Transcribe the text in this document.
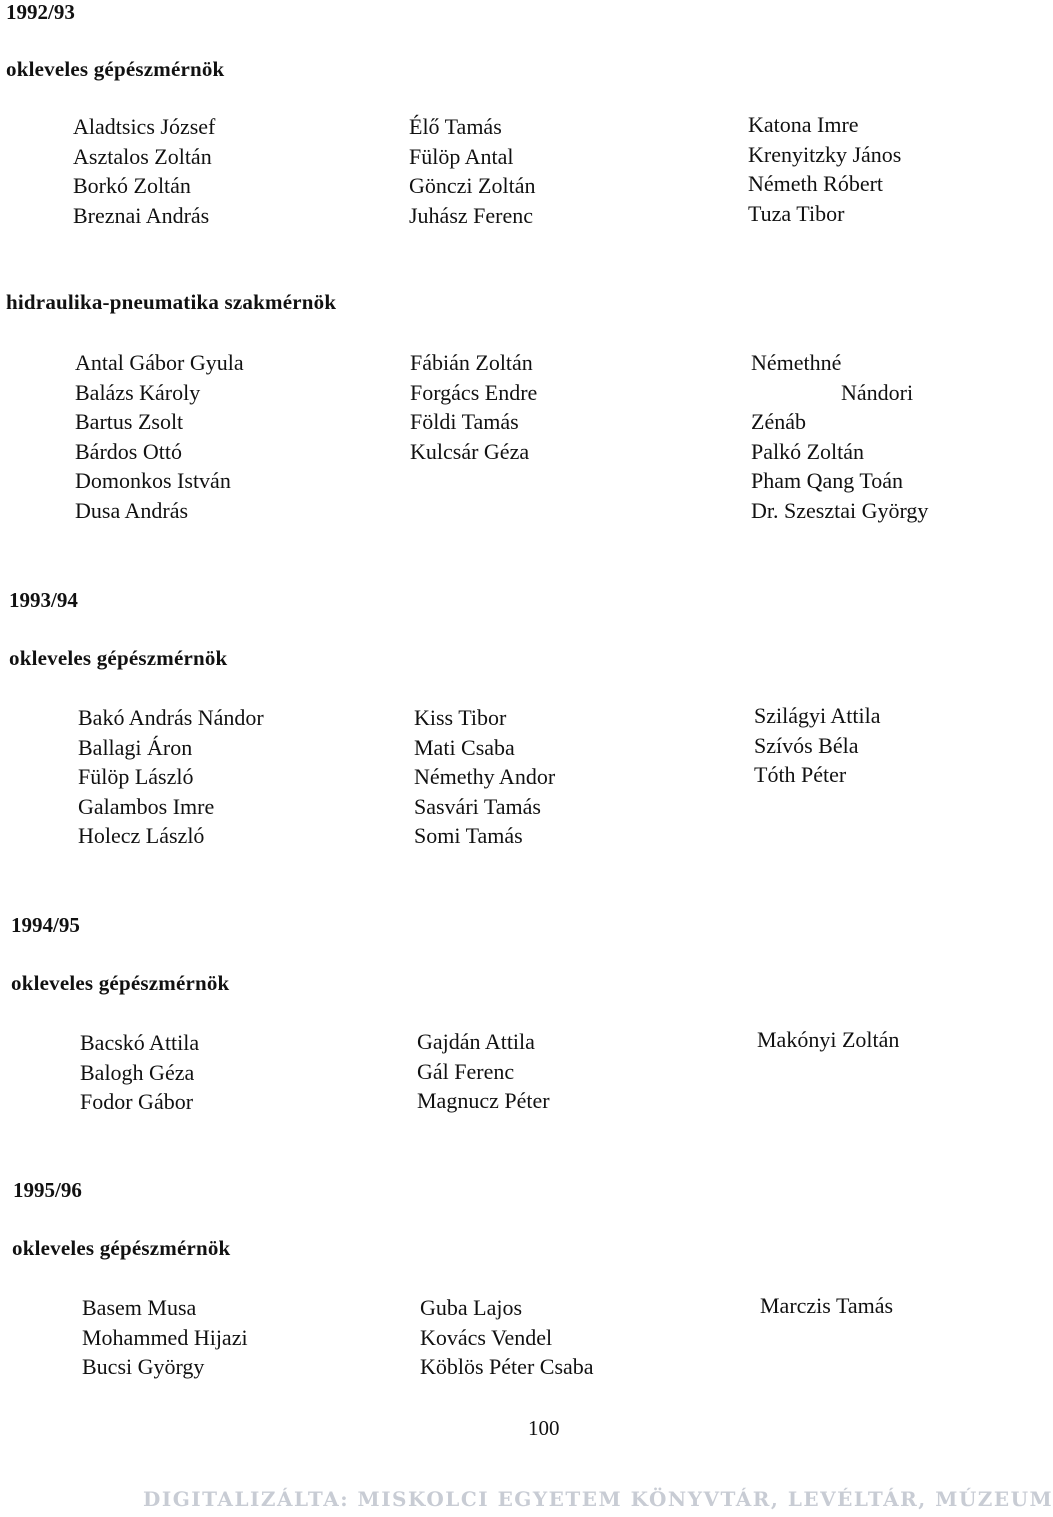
1992/93
okleveles gépészmérnök
Aladtsics József
Asztalos Zoltán
Borkó Zoltán
Breznai András
Élő Tamás
Fülöp Antal
Gönczi Zoltán
Juhász Ferenc
Katona Imre
Krenyitzky János
Németh Róbert
Tuza Tibor
hidraulika-pneumatika szakmérnök
Antal Gábor Gyula
Balázs Károly
Bartus Zsolt
Bárdos Ottó
Domonkos István
Dusa András
Fábián Zoltán
Forgács Endre
Földi Tamás
Kulcsár Géza
Némethné
Nándori
Zénáb
Palkó Zoltán
Pham Qang Toán
Dr. Szesztai György
1993/94
okleveles gépészmérnök
Bakó András Nándor
Ballagi Áron
Fülöp László
Galambos Imre
Holecz László
Kiss Tibor
Mati Csaba
Némethy Andor
Sasvári Tamás
Somi Tamás
Szilágyi Attila
Szívós Béla
Tóth Péter
1994/95
okleveles gépészmérnök
Bacskó Attila
Balogh Géza
Fodor Gábor
Gajdán Attila
Gál Ferenc
Magnucz Péter
Makónyi Zoltán
1995/96
okleveles gépészmérnök
Basem Musa
Mohammed Hijazi
Bucsi György
Guba Lajos
Kovács Vendel
Köblös Péter Csaba
Marczis Tamás
100
DIGITALIZÁLTA: MISKOLCI EGYETEM KÖNYVTÁR, LEVÉLTÁR, MÚZEUM
